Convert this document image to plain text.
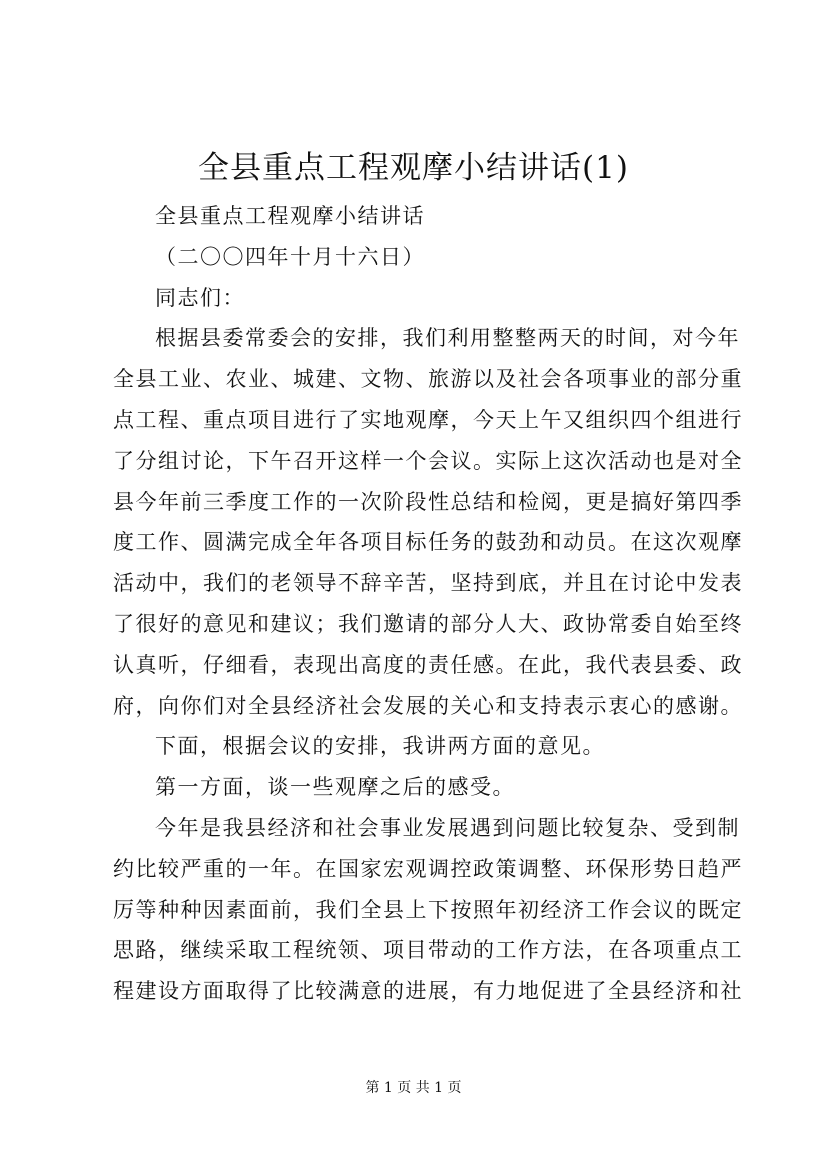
全县重点工程观摩小结讲话(1)
全县重点工程观摩小结讲话
（二〇〇四年十月十六日）
同志们：
根据县委常委会的安排，我们利用整整两天的时间，对今年
全县工业、农业、城建、文物、旅游以及社会各项事业的部分重
点工程、重点项目进行了实地观摩，今天上午又组织四个组进行
了分组讨论，下午召开这样一个会议。实际上这次活动也是对全
县今年前三季度工作的一次阶段性总结和检阅，更是搞好第四季
度工作、圆满完成全年各项目标任务的鼓劲和动员。在这次观摩
活动中，我们的老领导不辞辛苦，坚持到底，并且在讨论中发表
了很好的意见和建议；我们邀请的部分人大、政协常委自始至终
认真听，仔细看，表现出高度的责任感。在此，我代表县委、政
府，向你们对全县经济社会发展的关心和支持表示衷心的感谢。
下面，根据会议的安排，我讲两方面的意见。
第一方面，谈一些观摩之后的感受。
今年是我县经济和社会事业发展遇到问题比较复杂、受到制
约比较严重的一年。在国家宏观调控政策调整、环保形势日趋严
厉等种种因素面前，我们全县上下按照年初经济工作会议的既定
思路，继续采取工程统领、项目带动的工作方法，在各项重点工
程建设方面取得了比较满意的进展，有力地促进了全县经济和社
第 1 页 共 1 页
